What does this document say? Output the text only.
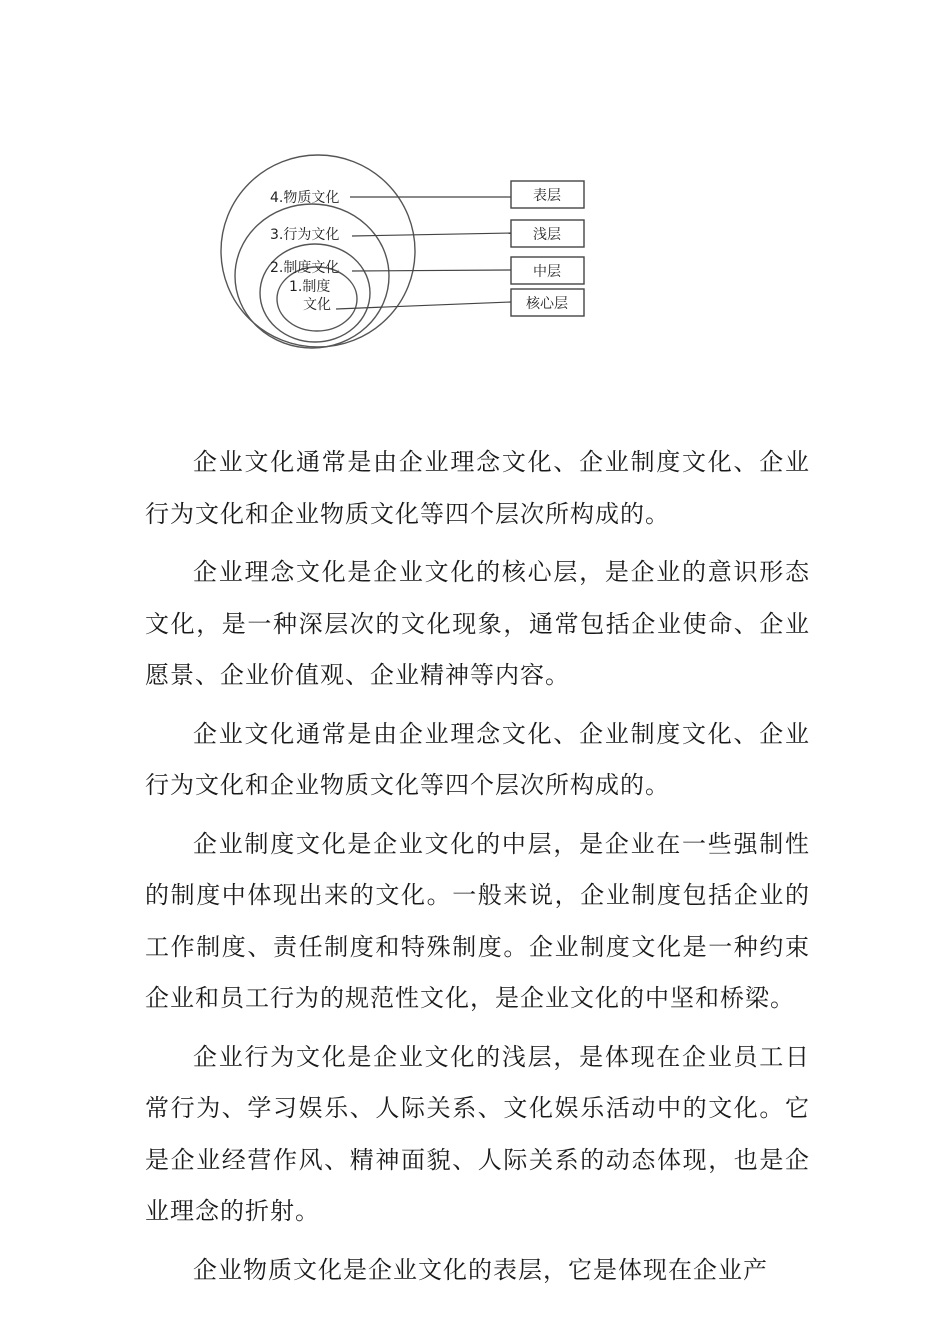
4.物质文化
3.行为文化
2.制度文化
1.制度
文化
表层
浅层
中层
核心层

企业文化通常是由企业理念文化、企业制度文化、企业行为文化和企业物质文化等四个层次所构成的。

企业理念文化是企业文化的核心层，是企业的意识形态文化，是一种深层次的文化现象，通常包括企业使命、企业愿景、企业价值观、企业精神等内容。

企业文化通常是由企业理念文化、企业制度文化、企业行为文化和企业物质文化等四个层次所构成的。

企业制度文化是企业文化的中层，是企业在一些强制性的制度中体现出来的文化。一般来说，企业制度包括企业的工作制度、责任制度和特殊制度。企业制度文化是一种约束企业和员工行为的规范性文化，是企业文化的中坚和桥梁。

企业行为文化是企业文化的浅层，是体现在企业员工日常行为、学习娱乐、人际关系、文化娱乐活动中的文化。它是企业经营作风、精神面貌、人际关系的动态体现，也是企业理念的折射。

企业物质文化是企业文化的表层，它是体现在企业产
